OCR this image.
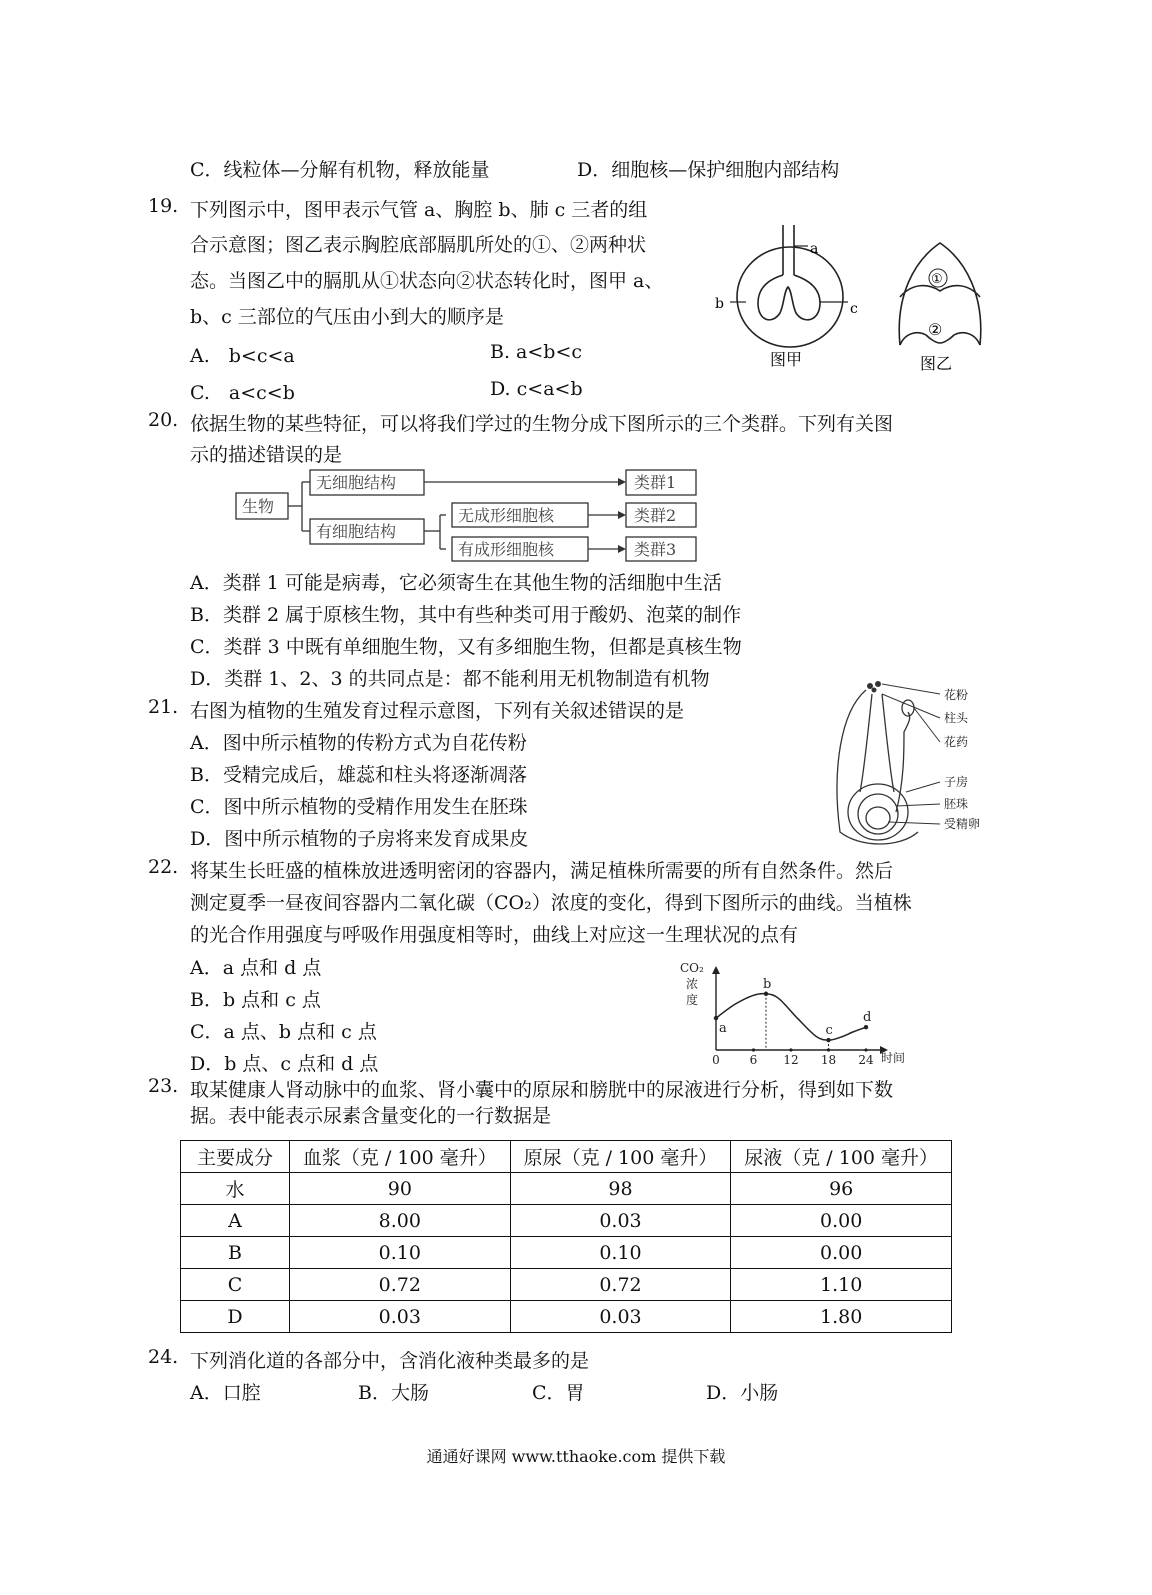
C．线粒体—分解有机物，释放能量	D．细胞核—保护细胞内部结构
19. 下列图示中，图甲表示气管 a、胸腔 b、肺 c 三者的组
合示意图；图乙表示胸腔底部膈肌所处的①、②两种状
态。当图乙中的膈肌从①状态向②状态转化时，图甲 a、
b、c 三部位的气压由小到大的顺序是
A.　b<c<a	B. a<b<c
C.　a<c<b	D. c<a<b
a
b	c
图甲
①
②
图乙
20. 依据生物的某些特征，可以将我们学过的生物分成下图所示的三个类群。下列有关图
示的描述错误的是
生物
无细胞结构
有细胞结构
无成形细胞核
有成形细胞核
类群1
类群2
类群3
A．类群 1 可能是病毒，它必须寄生在其他生物的活细胞中生活
B．类群 2 属于原核生物，其中有些种类可用于酸奶、泡菜的制作
C．类群 3 中既有单细胞生物，又有多细胞生物，但都是真核生物
D．类群 1、2、3 的共同点是：都不能利用无机物制造有机物
21. 右图为植物的生殖发育过程示意图，下列有关叙述错误的是
A．图中所示植物的传粉方式为自花传粉
B．受精完成后，雄蕊和柱头将逐渐凋落
C．图中所示植物的受精作用发生在胚珠
D．图中所示植物的子房将来发育成果皮
花粉
柱头
花药
子房
胚珠
受精卵
22. 将某生长旺盛的植株放进透明密闭的容器内，满足植株所需要的所有自然条件。然后
测定夏季一昼夜间容器内二氧化碳（CO₂）浓度的变化，得到下图所示的曲线。当植株
的光合作用强度与呼吸作用强度相等时，曲线上对应这一生理状况的点有
A．a 点和 d 点
B．b 点和 c 点
C．a 点、b 点和 c 点
D．b 点、c 点和 d 点
CO₂
浓
度
时间
0 6 12 18 24
a
b
c
d
23. 取某健康人肾动脉中的血浆、肾小囊中的原尿和膀胱中的尿液进行分析，得到如下数
据。表中能表示尿素含量变化的一行数据是
主要成分	血浆（克 / 100 毫升）	原尿（克 / 100 毫升）	尿液（克 / 100 毫升）
水	90	98	96
A	8.00	0.03	0.00
B	0.10	0.10	0.00
C	0.72	0.72	1.10
D	0.03	0.03	1.80
24. 下列消化道的各部分中，含消化液种类最多的是
A．口腔	B．大肠	C．胃	D．小肠
通通好课网 www.tthaoke.com 提供下载
